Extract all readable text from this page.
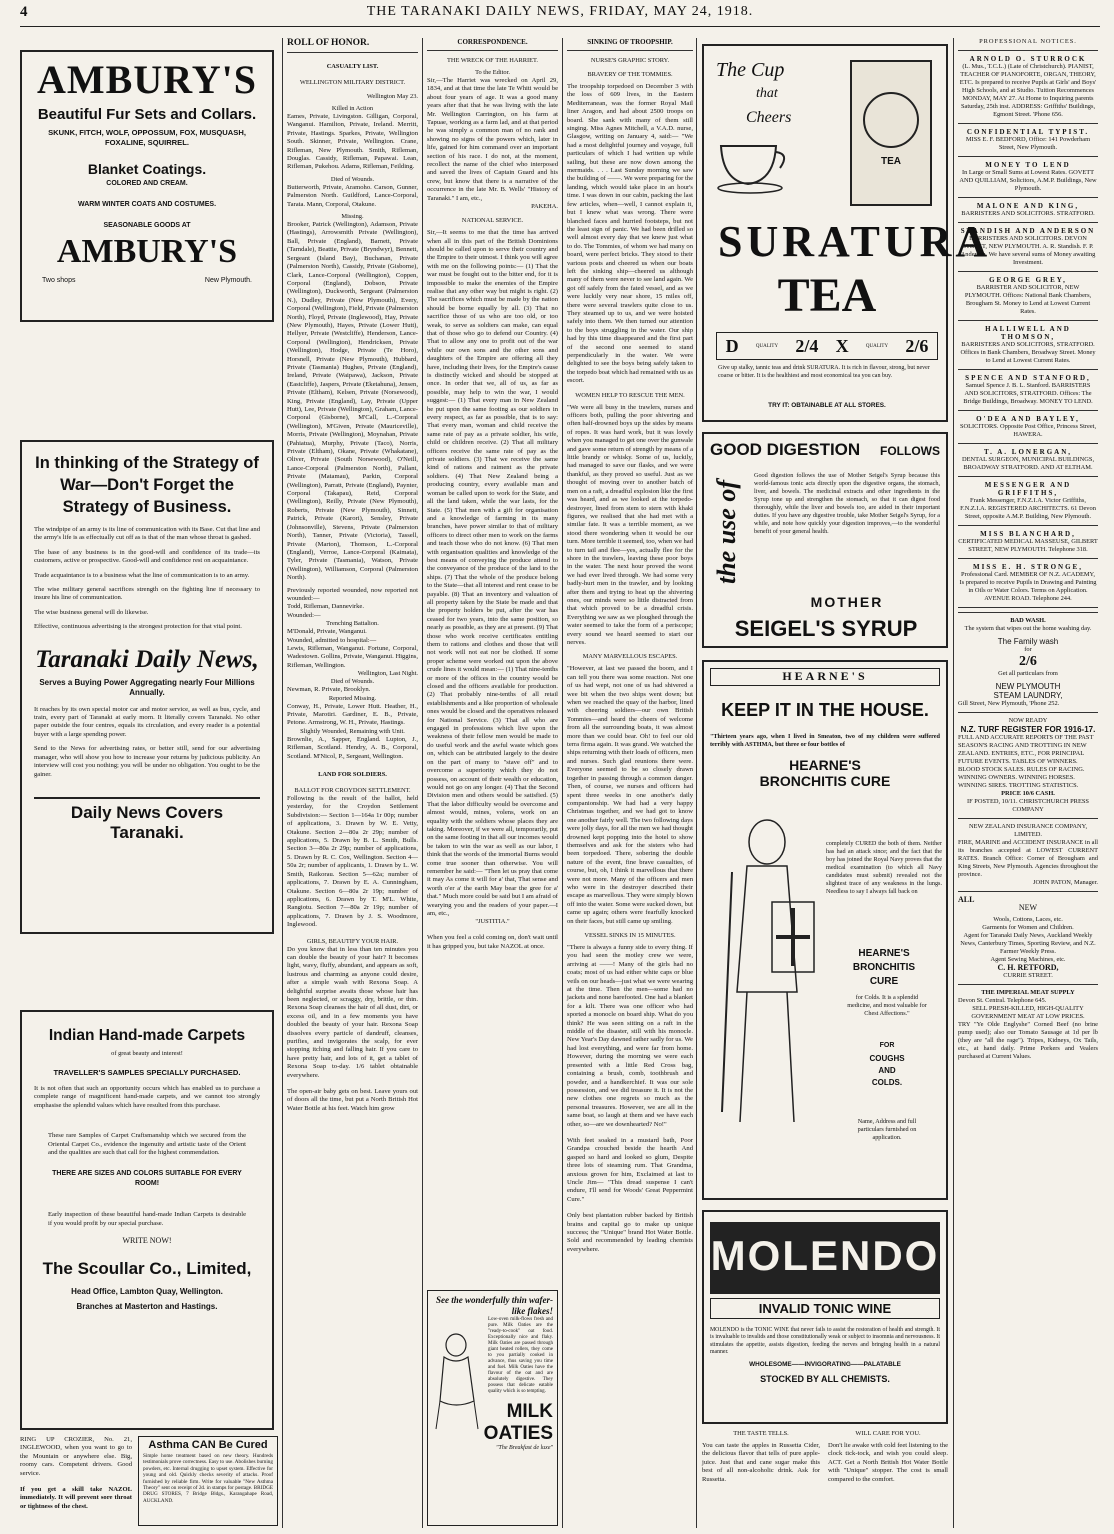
4	THE TARANAKI DAILY NEWS, FRIDAY, MAY 24, 1918.
AMBURY'S
Beautiful Fur Sets and Collars.
SKUNK, FITCH, WOLF, OPPOSSUM, FOX, MUSQUASH, FOXALINE, SQUIRREL.
Blanket Coatings.
COLORED AND CREAM.
WARM WINTER COATS AND COSTUMES.
SEASONABLE GOODS AT
AMBURY'S
Two shops	New Plymouth.
In thinking of the Strategy of War—Don't Forget the Strategy of Business.
The windpipe of an army is its line of communication with its Base. Cut that line and the army's life is as effectually cut off as is that of the man whose throat is gashed.
The base of any business is in the good-will and confidence of its trade—its customers, active or prospective. Good-will and confidence rest on acquaintance.
Trade acquaintance is to a business what the line of communication is to an army.
The wise military general sacrifices strength on the fighting line if necessary to insure his line of communication.
The wise business general will do likewise.
Effective, continuous advertising is the strongest protection for that vital point.
Taranaki Daily News,
Serves a Buying Power Aggregating nearly Four Millions Annually.
It reaches by its own special motor car and motor service, as well as bus, cycle, and train, every part of Taranaki at early morn. It literally covers Taranaki. No other paper outside the four centres, equals its circulation, and every reader is a potential buyer with a large spending power.
Send to the News for advertising rates, or better still, send for our advertising manager, who will show you how to increase your returns by judicious publicity. An interview will cost you nothing; you will be under no obligation. You ought to be the gainer.
Daily News Covers Taranaki.
Indian Hand-made Carpets
of great beauty and interest!
TRAVELLER'S SAMPLES SPECIALLY PURCHASED.
It is not often that such an opportunity occurs which has enabled us to purchase a complete range of magnificent hand-made carpets, and we cannot too strongly emphasise the splendid values which have resulted from this purchase.
These rare Samples of Carpet Craftsmanship which we secured from the Oriental Carpet Co., evidence the ingenuity and artistic taste of the Orient and the qualities are such that call for the highest commendation.
THERE ARE SIZES AND COLORS SUITABLE FOR EVERY ROOM!
Early inspection of these beautiful hand-made Indian Carpets is desirable if you would profit by our special purchase.
WRITE NOW!
The Scoullar Co., Limited,
Head Office, Lambton Quay, Wellington.
Branches at Masterton and Hastings.
RING UP CROZIER, No. 21, INGLEWOOD, when you want to go to the Mountain or anywhere else. Big, roomy cars. Competent drivers. Good service.
If you get a skill take NAZOL immediately. It will prevent sore throat or tightness of the chest.
Asthma CAN Be Cured
Simple home treatment based on new theory. Hundreds testimonials prove correctness. Easy to use. Abolishes burning powders, etc. Internal drugging to upset system. Effective for young and old. Quickly checks severity of attacks. Proof furnished by reliable firm. Write for valuable "New Asthma Theory" sent on receipt of 2d. in stamps for postage. BRIDGE DRUG STORES, 7 Bridge Bldgs., Karangahape Road, AUCKLAND.
ROLL OF HONOR.
CASUALTY LIST.
WELLINGTON MILITARY DISTRICT.
Wellington May 23.
Killed in Action
Eames, Private, Livingston. Gilligan, Corporal, Wanganui. Hamilton, Private, Ireland. Merritt, Private, Hastings. Sparkes, Private, Wellington South. Skinner, Private, Wellington. Crane, Rifleman, New Plymouth. Smith, Rifleman, Douglas. Cassidy, Rifleman, Papawai. Lean, Rifleman, Pukehou. Adams, Rifleman, Feilding.
Died of Wounds.
Butterworth, Private, Aramoho. Carson, Gunner, Palmerston North. Guildford, Lance-Corporal, Tarata. Mann, Corporal, Otakune.
Missing.
Brooker, Patrick (Wellington), Adamson, Private (Hastings), Arrowsmith Private (Wellington), Ball, Private (England), Barnett, Private (Tarndale), Beattie, Private (Bryndwyr), Bennett, Sergeant (Island Bay), Buchanan, Private (Palmerston North), Cassidy, Private (Gisborne), Clark, Lance-Corporal (Wellington), Coppen, Corporal (England), Dobson, Private (Wellington), Duckworth, Sergeant (Palmerston N.), Dudley, Private (New Plymouth), Every, Corporal (Wellington), Field, Private (Palmerston North), Floyd, Private (Inglewood), Hay, Private (New Plymouth), Hayes, Private (Lower Hutt), Hellyer, Private (Westcliffe), Henderson, Lance-Corporal (Wellington), Hendricksen, Private (Wellington), Hodge, Private (Te Horo), Horsnell, Private (New Plymouth), Hubbard, Private (Tasmania) Hughes, Private (England), Ireland, Private (Waipawa), Jackson, Private (Eastcliffe), Jaspers, Private (Eketahuna), Jensen, Private (Eltham), Kelsen, Private (Norsewood), King, Private (England), Lay, Private (Upper Hutt), Lee, Private (Wellington), Graham, Lance-Corporal (Gisborne), M'Call, L.-Corporal (Wellington), M'Given, Private (Mauriceville), Morris, Private (Wellington), Moynahan, Private (Pahiatua), Murphy, Private (Taco), Norris, Private (Eltham), Okane, Private (Whakatane), Oliver, Private (South Norsewood), O'Neill, Lance-Corporal (Palmerston North), Pallant, Private (Matamau), Parkin, Corporal (Wellington), Parratt, Private (England), Paynter, Corporal (Takapau), Reid, Corporal (Wellington), Reilly, Private (New Plymouth), Roberts, Private (New Plymouth), Sinnett, Patrick, Private (Karori), Sensley, Private (Johnsonville), Stevens, Private (Palmerston North), Tanner, Private (Victoria), Tassell, Private (Marton), Thomson, L.-Corporal (England), Verroe, Lance-Corporal (Kaimata), Tyler, Private (Tasmania), Watson, Private (Wellington), Williamson, Corporal (Palmerston North).
Previously reported wounded, now reported not wounded:—
Todd, Rifleman, Dannevirke.
Wounded:—
Trenching Battalion.
M'Donald, Private, Wanganui.
Wounded, admitted to hospital:—
Lewis, Rifleman, Wanganui. Fortune, Corporal, Wadestown. Gollins, Private, Wanganui. Higgins, Rifleman, Wellington.
Wellington, Last Night.
Died of Wounds.
Newman, R. Private, Brooklyn.
Reported Missing.
Conway, H., Private, Lower Hutt. Heather, H., Private, Marotiri. Gardiner, E. B., Private, Petone. Armstrong, W. H., Private, Hastings.
Slightly Wounded, Remaining with Unit.
Brownlie, A., Sapper, England. Lupton, J., Rifleman, Scotland. Hendry, A. B., Corporal, Scotland. M'Nicol, P., Sergeant, Wellington.
LAND FOR SOLDIERS.
BALLOT FOR CROYDON SETTLEMENT.
Following is the result of the ballot, held yesterday, for the Croydon Settlement Subdivision:— Section 1—164a 1r 00p; number of applications, 3. Drawn by W. E. Vetty, Otakune. Section 2—80a 2r 29p; number of applications, 5. Drawn by B. L. Smith, Bulls. Section 3—80a 2r 29p; number of applications, 5. Drawn by R. C. Cox, Wellington. Section 4—50a 2r; number of applicants, 1. Drawn by L. W. Smith, Raikorau. Section 5—62a; number of applications, 7. Drawn by E. A. Cunningham, Otakune. Section 6—80a 2r 19p; number of applications, 6. Drawn by T. M'L. White, Rangiotu. Section 7—80a 2r 19p; number of applications, 7. Drawn by J. S. Woodmore, Inglewood.
GIRLS, BEAUTIFY YOUR HAIR.
Do you know that in less than ten minutes you can double the beauty of your hair? It becomes light, wavy, fluffy, abundant, and appears as soft, lustrous and charming as anyone could desire, after a simple wash with Rexona Soap. A delightful surprise awaits those whose hair has been neglected, or scraggy, dry, brittle, or thin. Rexona Soap cleanses the hair of all dust, dirt, or excess oil, and in a few moments you have doubled the beauty of your hair. Rexona Soap dissolves every particle of dandruff, cleanses, purifies, and invigorates the scalp, for ever stopping itching and falling hair. If you care to have pretty hair, and lots of it, get a tablet of Rexona Soap to-day. 1/6 tablet obtainable everywhere.
The open-air baby gets on best. Leave yours out of doors all the time, but put a North British Hot Water Bottle at his feet. Watch him grow
CORRESPONDENCE.
THE WRECK OF THE HARRIET.
To the Editor.
Sir,—The Harriet was wrecked on April 29, 1834, and at that time the late Te Whiti would be about four years of age. It was a good many years after that that he was living with the late Mr. Wellington Carrington, on his farm at Tapuae, working as a farm lad, and at that period he was simply a common man of no rank and showing no signs of the powers which, later in life, gained for him command over an important section of his race. I do not, at the moment, recollect the name of the chief who interposed and saved the lives of Captain Guard and his crew, but know that there is a narrative of the occurrence in the late Mr. B. Wells' "History of Taranaki." I am, etc.,
PAKEHA.
NATIONAL SERVICE.
Sir,—It seems to me that the time has arrived when all in this part of the British Dominions should be called upon to serve their country and the Empire to their utmost. I think you will agree with me on the following points:— (1) That the war must be fought out to the bitter end, for it is impossible to make the enemies of the Empire realise that any other way but might is right. (2) The sacrifices which must be made by the nation should be borne equally by all. (3) That no sacrifice those of us who are too old, or too weak, to serve as soldiers can make, can equal that of those who go to defend our Country. (4) That to allow any one to profit out of the war while our own sons and the other sons and daughters of the Empire are offering all they have, including their lives, for the Empire's cause is distinctly wicked and should be stopped at once. In order that we, all of us, as far as possible, may help to win the war, I would suggest:— (1) That every man in New Zealand be put upon the same footing as our soldiers in every respect, as far as possible, that is to say: That every man, woman and child receive the same rate of pay as a private soldier, his wife, child or children receive. (2) That all military officers receive the same rate of pay as the private soldiers. (3) That we receive the same kind of rations and raiment as the private soldiers. (4) That New Zealand being a producing country, every available man and woman be called upon to work for the State, and all the land taken, while the war lasts, for the State. (5) That men with a gift for organisation and a knowledge of farming in its many branches, have power similar to that of military officers to direct other men to work on the farms and teach those who do not know. (6) That men with organisation qualities and knowledge of the best means of conveying the produce attend to the conveyance of the produce of the land to the ships. (7) That the whole of the produce belong to the State—that all interest and rent cease to be payable. (8) That an inventory and valuation of all property taken by the State be made and that the property holders be put, after the war has ceased for two years, into the same position, so nearly as possible, as they are at present. (9) That those who work receive certificates entitling them to rations and clothes and those that will not work will not eat nor be clothed. If some proper scheme were worked out upon the above crude lines it would mean:— (1) That nine-tenths or more of the offices in the country would be closed and the officers available for production. (2) That probably nine-tenths of all retail establishments and a like proportion of wholesale ones would be closed and the operatives released for National Service. (3) That all who are engaged in professions which live upon the weakness of their fellow men would be made to do useful work and the awful waste which goes on, which can be attributed largely to the desire on the part of many to "stave off" and to overcome a superiority which they do not possess, on account of their wealth or education, would not go on any longer. (4) That the Second Division men and others would be satisfied. (5) That the labor difficulty would be overcome and almost would, mines, volens, work on an equality with the soldiers whose places they are taking. Moreover, if we were all, temporarily, put on the same footing in that all our incomes would be taken to win the war as well as our labor, I think that the words of the immortal Burns would come true sooner than otherwise. You will remember he said:— "Then let us pray that come it may As come it will for a' that, That sense and worth o'er a' the earth May bear the gree for a' that." Much more could be said but I am afraid of wearying you and the readers of your paper.—I am, etc.,
"JUSTITIA."
When you feel a cold coming on, don't wait until it has gripped you, but take NAZOL at once.
See the wonderfully thin wafer-like flakes!
Low-oven milk-flows fresh and pure. Milk Oaties are the "ready-to-cook" oat food. Exceptionally nice and flaky. Milk Oaties are passed through giant heated rollers, they come to you partially cooked in advance, thus saving you time and fuel. Milk Oaties have the flavour of the oat and are absolutely digestive. They possess that delicate eatable quality which is so tempting.
MILK OATIES
"The Breakfast de luxe"
SINKING OF TROOPSHIP.
NURSE'S GRAPHIC STORY.
BRAVERY OF THE TOMMIES.
The troopship torpedoed on December 3 with the loss of 609 lives, in the Eastern Mediterranean, was the former Royal Mail liner Aragon, and had about 2500 troops on board. She sank with many of them still singing. Miss Agnes Mitchell, a V.A.D. nurse, Glasgow, writing on January 4, said:— "We had a most delightful journey and voyage, full particulars of which I had written up while sailing, but these are now down among the mermaids. . . . Last Sunday morning we saw the building of ——. We were preparing for the landing, which would take place in an hour's time. I was down in our cabin, packing the last few articles, when—well, I cannot explain it, but I knew what was wrong. There were blanched faces and hurried footsteps, but not the least sign of panic. We had been drilled so well almost every day that we knew just what to do. The Tommies, of whom we had many on board, were perfect bricks. They stood to their various posts and cheered us when our boats left the sinking ship—cheered us although many of them were never to see land again. We got off safely from the fated vessel, and as we were luckily very near shore, 15 miles off, there were several trawlers quite close to us. They steamed up to us, and we were hoisted safely into them. We then turned our attention to the boys struggling in the water. Our ship had by this time disappeared and the first part of the second one seemed to stand perpendicularly in the water. We were delighted to see the boys being safely taken to the torpedo boat which had remained with us as escort.
WOMEN HELP TO RESCUE THE MEN.
"We were all busy in the trawlers, nurses and officers both, pulling the poor shivering and often half-drowned boys up the sides by means of ropes. It was hard work, but it was lovely when you managed to get one over the gunwale and gave some return of strength by means of a little brandy or whisky. Some of us, luckily, had managed to save our flasks, and we were thankful, as they proved so useful. Just as we thought of moving over to another batch of men on a raft, a dreadful explosion like the first was heard, and as we looked at the torpedo-destroyer, lined from stem to stern with khaki figures, we realised that she had met with a similar fate. It was a terrible moment, as we stood there wondering when it would be our turn. More terrible it seemed, too, when we had to turn tail and flee—yes, actually flee for the shore in the trawlers, leaving these poor boys in the water. The next hour proved the worst we had ever lived through. We had some very badly-hurt men in the trawler, and by looking after them and trying to heat up the shivering ones, our minds were so little distracted from that which proved to be a dreadful crisis. Everything we saw as we ploughed through the water seemed to take the form of a periscope; every sound we heard seemed to start our nerves.
MANY MARVELLOUS ESCAPES.
"However, at last we passed the boom, and I can tell you there was some reaction. Not one of us had wept, not one of us had shivered a wee bit when the two ships went down; but when we reached the quay of the harbor, lined with cheering soldiers—our own British Tommies—and heard the cheers of welcome from all the surrounding boats, it was almost more than we could bear. Oh! to feel our old terra firma again. It was grand. We watched the ships returning with their loads of officers, men and nurses. Such glad reunions there were. Everyone seemed to be so closely drawn together in passing through a common danger. Then, of course, we nurses and officers had spent three weeks in one another's daily companionship. We had had a very happy Christmas together, and we had got to know one another fairly well. The two following days were jolly days, for all the men we had thought drowned kept popping into the hotel to show themselves and ask for the sisters who had been torpedoed. There, sobering the double nature of the event, fine brave casualties, of course, but, oh, I think it marvellous that there were not more. Many of the officers and men who were in the destroyer described their escape as marvellous. They were simply blown off into the water. Some were sucked down, but came up again; others were fearfully knocked on their faces, but still came up smiling.
VESSEL SINKS IN 15 MINUTES.
"There is always a funny side to every thing. If you had seen the motley crew we were, arriving at ——! Many of the girls had no coats; most of us had either white caps or blue veils on our heads—just what we were wearing at the time. Then the men—some had no jackets and none barefooted. One had a blanket for a kilt. There was one officer who had sported a monocle on board ship. What do you think? He was seen sitting on a raft in the middle of the disaster, still with his monocle. New Year's Day dawned rather sadly for us. We had lost everything, and were far from home. However, during the morning we were each presented with a little Red Cross bag, containing a brush, comb, toothbrush and powder, and a handkerchief. It was our sole possession, and we did treasure it. It is not the new clothes one regrets so much as the personal treasures. However, we are all in the same boat, so laugh at them and we have each other, so—are we downhearted? No!"
With feet soaked in a mustard bath, Poor Grandpa crouched beside the hearth And gasped so hard and looked so glum, Despite three lots of steaming rum. That Grandma, anxious grown for him, Exclaimed at last to Uncle Jim— "This dread suspense I can't endure, I'll send for Woods' Great Peppermint Cure."
Only best plantation rubber backed by British brains and capital go to make up unique success; the "Unique" brand Hot Water Bottle. Sold and recommended by leading chemists everywhere.
The Cup
that
Cheers
TEA
SURATURA
TEA
D	QUALITY 2/4 X	QUALITY 2/6
Give up stalky, tannic teas and drink SURATURA. It is rich in flavour, strong, but never coarse or bitter. It is the healthiest and most economical tea you can buy.
TRY IT: OBTAINABLE AT ALL STORES.
GOOD DIGESTION FOLLOWS
the use of
Good digestion follows the use of Mother Seigel's Syrup because this world-famous tonic acts directly upon the digestive organs, the stomach, liver, and bowels. The medicinal extracts and other ingredients in the Syrup tone up and strengthen the stomach, so that it can digest food thoroughly, while the liver and bowels too, are aided in their important duties. If you have any digestive trouble, take Mother Seigel's Syrup, for a while, and note how quickly your digestion improves,—to the wonderful benefit of your general health.
MOTHER
SEIGEL'S SYRUP
HEARNE'S
KEEP IT IN THE HOUSE.
"Thirteen years ago, when I lived in Smeaton, two of my children were suffered terribly with ASTHMA, but three or four bottles of
HEARNE'S
BRONCHITIS CURE
completely CURED the both of them. Neither has had an attack since; and the fact that the boy has joined the Royal Navy proves that the medical examination (to which all Navy candidates must submit) revealed not the slightest trace of any weakness in the lungs. Needless to say I always fall back on
HEARNE'S
BRONCHITIS
CURE
for Colds. It is a splendid medicine, and most valuable for Chest Affections."
FOR
COUGHS
AND
COLDS.
Name, Address and full particulars furnished on application.
MOLENDO
INVALID TONIC WINE
MOLENDO is the TONIC WINE that never fails to assist the restoration of health and strength. It is invaluable to invalids and those constitutionally weak or subject to insomnia and nervousness. It stimulates the appetite, assists digestion, feeding the nerves and bringing health in a natural manner.
WHOLESOME——INVIGORATING——PALATABLE
STOCKED BY ALL CHEMISTS.
THE TASTE TELLS.
You can taste the apples in Russetta Cider, the delicious flavor that tells of pure apple-juice. Just that and cane sugar make this best of all non-alcoholic drink. Ask for Russetta.
WILL CARE FOR YOU.
Don't lie awake with cold feet listening to the clock tick-tock, and wish you could sleep. ACT. Get a North British Hot Water Bottle with "Unique" stopper. The cost is small compared to the comfort.
PROFESSIONAL NOTICES.
ARNOLD O. STURROCK
(L. Mus., T.C.L.) (Late of Christchurch). PIANIST, TEACHER OF PIANOFORTE, ORGAN, THEORY, ETC. Is prepared to receive Pupils at Girls' and Boys' High Schools, and at Studio. Tuition Recommences MONDAY, MAY 27. At Home to Inquiring parents Saturday, 25th inst. ADDRESS: Griffiths' Buildings, Egmont Street. 'Phone 656.
CONFIDENTIAL TYPIST.
MISS E. F. BEDFORD, Office: 141 Powderham Street, New Plymouth.
MONEY TO LEND
In Large or Small Sums at Lowest Rates. GOVETT AND QUILLIAM, Solicitors, A.M.P. Buildings, New Plymouth.
MALONE AND KING,
BARRISTERS AND SOLICITORS. STRATFORD.
STANDISH AND ANDERSON
BARRISTERS AND SOLICITORS. DEVON STREET, NEW PLYMOUTH. A. R. Standish. F. P. Anderson. We have several sums of Money awaiting Investment.
GEORGE GREY,
BARRISTER AND SOLICITOR, NEW PLYMOUTH. Offices: National Bank Chambers, Brougham St. Money to Lend at Lowest Current Rates.
HALLIWELL AND THOMSON,
BARRISTERS AND SOLICITORS, STRATFORD. Offices in Bank Chambers, Broadway Street. Money to Lend at Lowest Current Rates.
SPENCE AND STANFORD,
Samuel Spence J. B. L. Stanford. BARRISTERS AND SOLICITORS, STRATFORD. Offices: The Bridge Buildings, Broadway. MONEY TO LEND.
O'DEA AND BAYLEY,
SOLICITORS. Opposite Post Office, Princess Street, HAWERA.
T. A. LONERGAN,
DENTAL SURGEON, MUNICIPAL BUILDINGS, BROADWAY STRATFORD. AND AT ELTHAM.
MESSENGER AND GRIFFITHS,
Frank Messenger, F.N.Z.I.A. Victor Griffiths, F.N.Z.I.A. REGISTERED ARCHITECTS. 61 Devon Street, opposite A.M.P. Building, New Plymouth.
MISS BLANCHARD,
CERTIFICATED MEDICAL MASSEUSE, GILBERT STREET, NEW PLYMOUTH. Telephone 318.
MISS E. H. STRONGE,
Professional Card. MEMBER OF N.Z. ACADEMY, Is prepared to receive Pupils in Drawing and Painting in Oils or Water Colors. Terms on Application. AVENUE ROAD. Telephone 244.
BAD WASH.
The system that wipes out the home washing day.
The Family wash
for
2/6
Get all particulars from
NEW PLYMOUTH
STEAM LAUNDRY,
Gill Street, New Plymouth, 'Phone 252.
NOW READY
N.Z. TURF REGISTER FOR 1916-17.
FULL AND ACCURATE REPORTS OF THE PAST SEASON'S RACING AND TROTTING IN NEW ZEALAND. ENTRIES, ETC., FOR PRINCIPAL FUTURE EVENTS. TABLES OF WINNERS. BLOOD STOCK SALES. RULES OF RACING. WINNING OWNERS. WINNING HORSES. WINNING SIRES. TROTTING STATISTICS.
PRICE 10/6 CASH.
IF POSTED, 10/11. CHRISTCHURCH PRESS COMPANY
NEW ZEALAND INSURANCE COMPANY, LIMITED.
FIRE, MARINE and ACCIDENT INSURANCE in all its branches accepted at LOWEST CURRENT RATES. Branch Office: Corner of Brougham and King Streets, New Plymouth. Agencies throughout the province.
JOHN PATON, Manager.
ALL
NEW
Wools, Cottons, Laces, etc.
Garments for Women and Children.
Agent for Taranaki Daily News, Auckland Weekly News, Canterbury Times, Sporting Review, and N.Z. Farmer Weekly Press.
Agent Sewing Machines, etc.
C. H. RETFORD,
CURRIE STREET.
THE IMPERIAL MEAT SUPPLY
Devon St. Central. Telephone 645.
SELL PRESH-KILLED, HIGH-QUALITY GOVERNMENT MEAT AT LOW PRICES.
TRY "Ye Olde Englyshe" Corned Beef (no brine pump used); also our Tomato Sausage at 1d per lb (they are "all the rage"). Tripes, Kidneys, Ox Tails, etc., at hand daily. Prime Porkers and Vealers purchased at Current Values.
